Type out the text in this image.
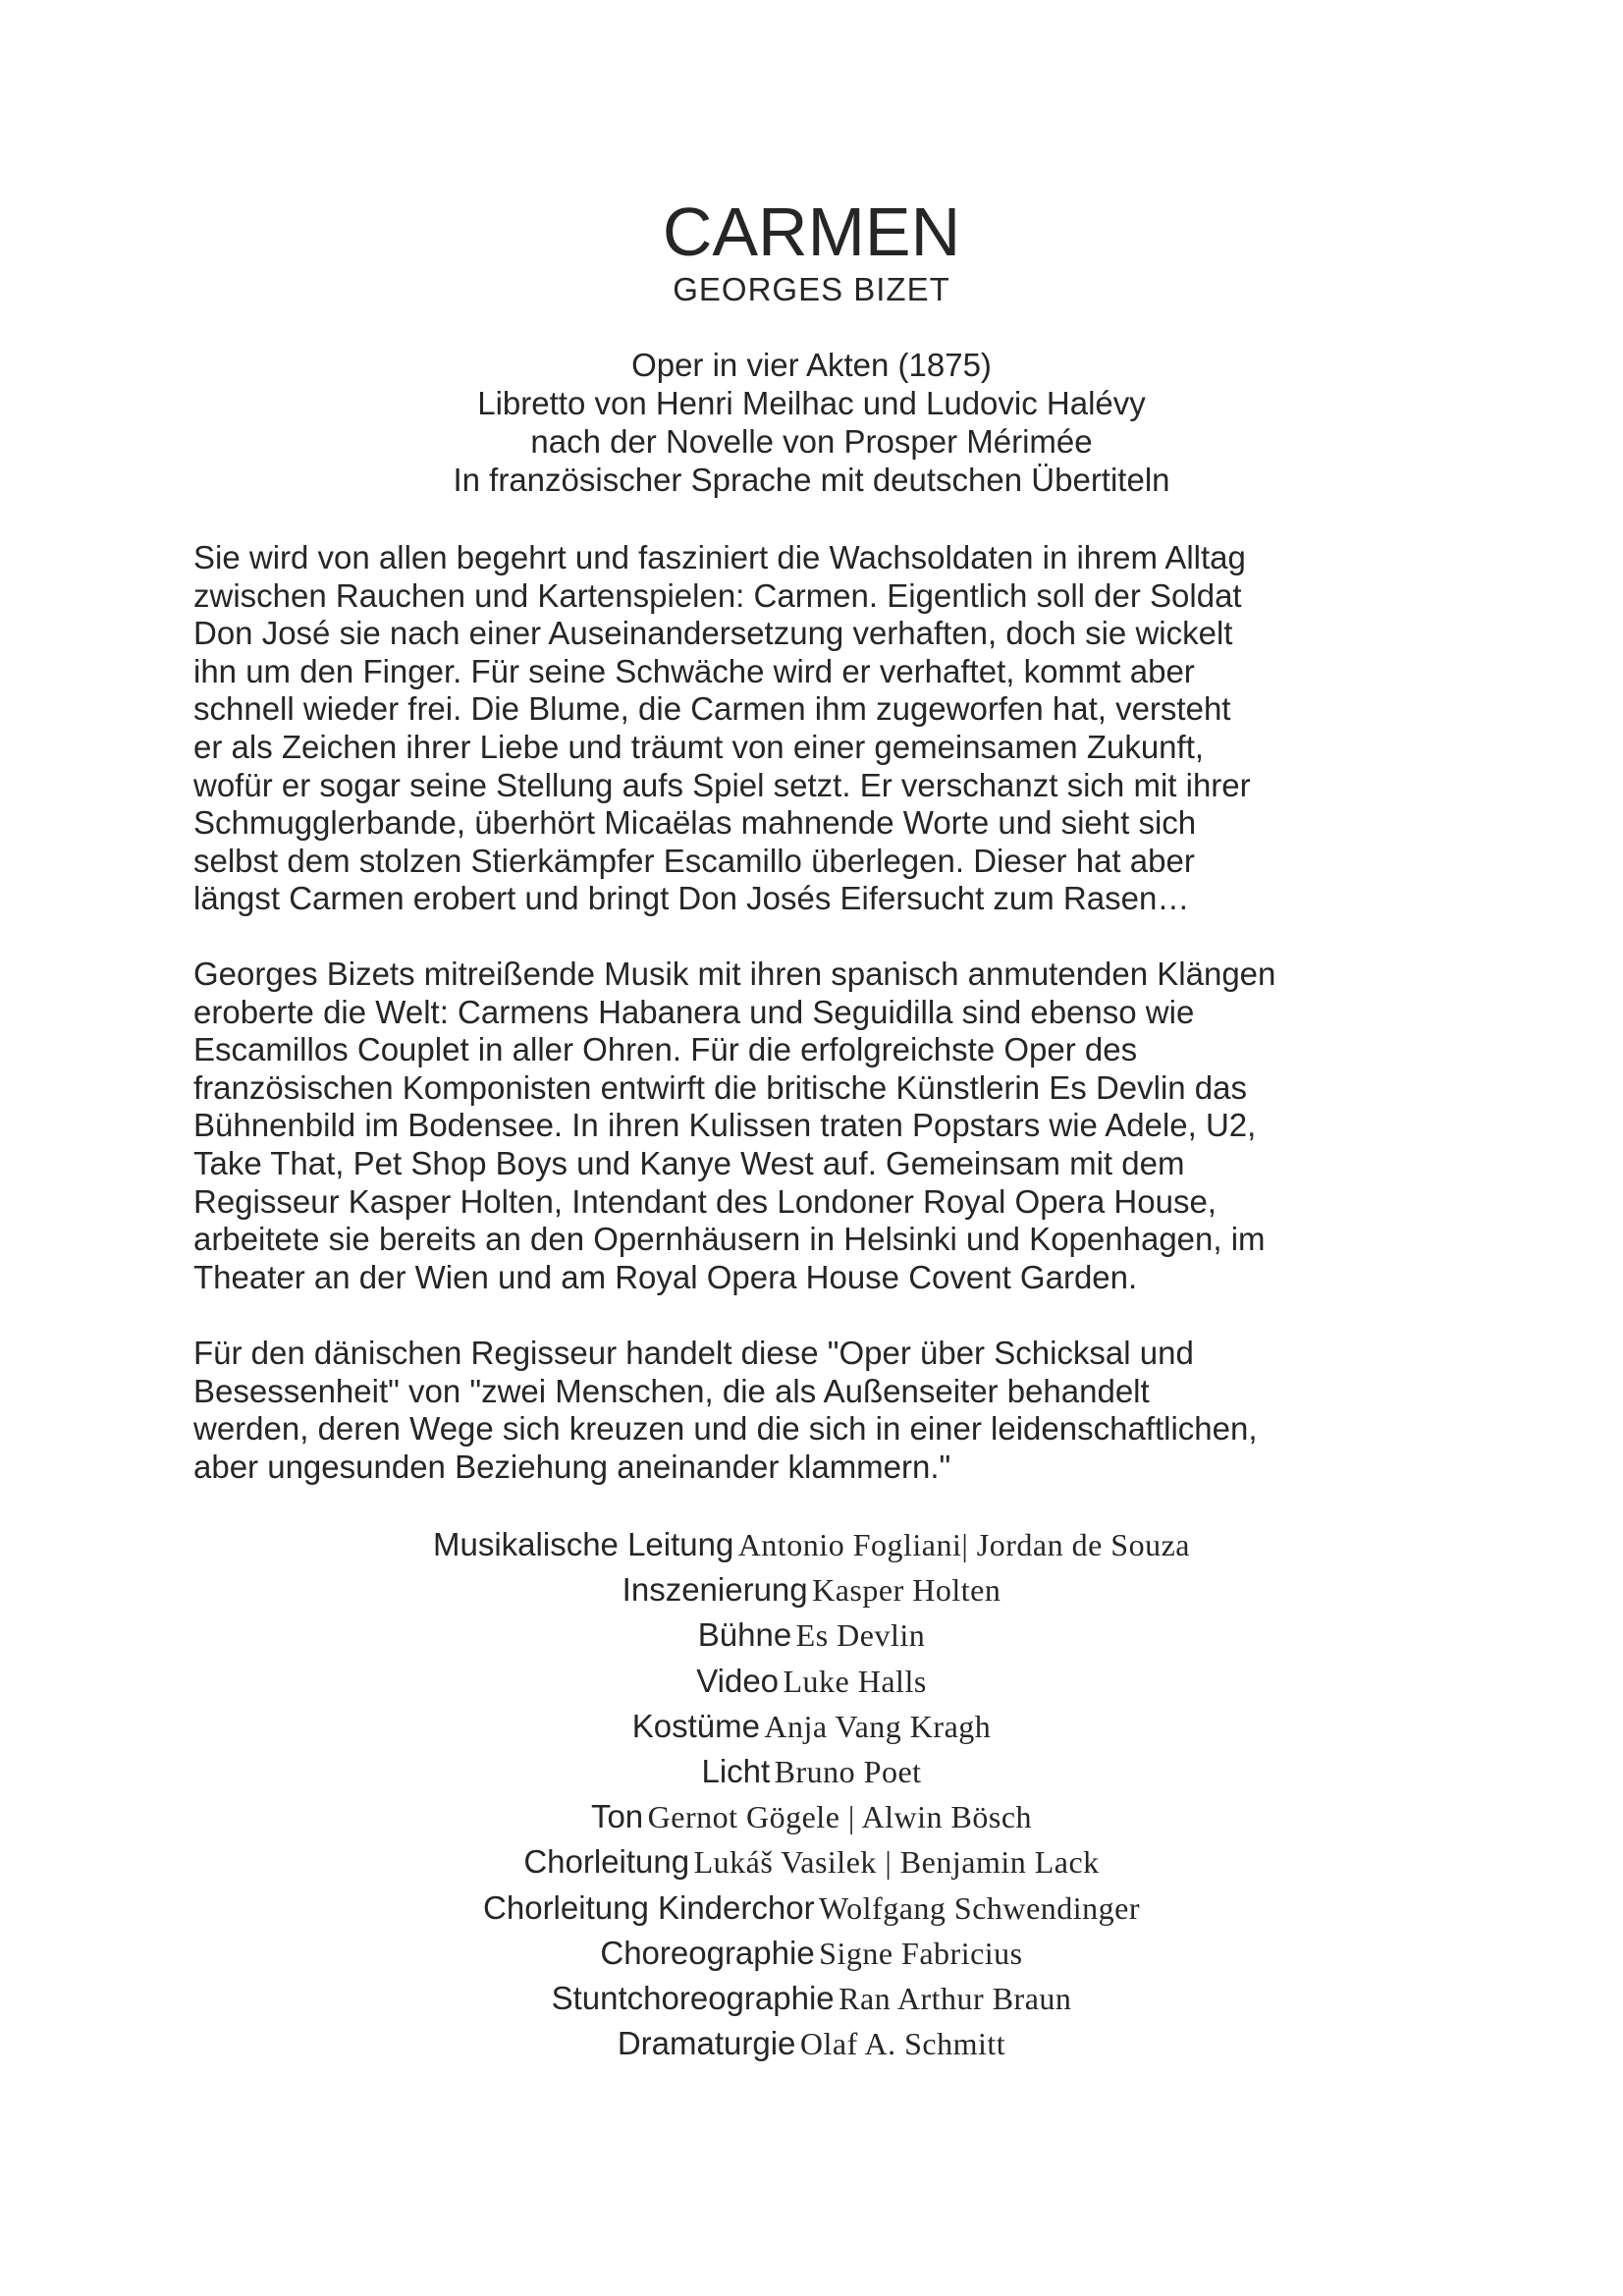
CARMEN
GEORGES BIZET
Oper in vier Akten (1875)
Libretto von Henri Meilhac und Ludovic Halévy
nach der Novelle von Prosper Mérimée
In französischer Sprache mit deutschen Übertiteln
Sie wird von allen begehrt und fasziniert die Wachsoldaten in ihrem Alltag
zwischen Rauchen und Kartenspielen: Carmen. Eigentlich soll der Soldat
Don José sie nach einer Auseinandersetzung verhaften, doch sie wickelt
ihn um den Finger. Für seine Schwäche wird er verhaftet, kommt aber
schnell wieder frei. Die Blume, die Carmen ihm zugeworfen hat, versteht
er als Zeichen ihrer Liebe und träumt von einer gemeinsamen Zukunft,
wofür er sogar seine Stellung aufs Spiel setzt. Er verschanzt sich mit ihrer
Schmugglerbande, überhört Micaëlas mahnende Worte und sieht sich
selbst dem stolzen Stierkämpfer Escamillo überlegen. Dieser hat aber
längst Carmen erobert und bringt Don Josés Eifersucht zum Rasen…
Georges Bizets mitreißende Musik mit ihren spanisch anmutenden Klängen
eroberte die Welt: Carmens Habanera und Seguidilla sind ebenso wie
Escamillos Couplet in aller Ohren. Für die erfolgreichste Oper des
französischen Komponisten entwirft die britische Künstlerin Es Devlin das
Bühnenbild im Bodensee. In ihren Kulissen traten Popstars wie Adele, U2,
Take That, Pet Shop Boys und Kanye West auf. Gemeinsam mit dem
Regisseur Kasper Holten, Intendant des Londoner Royal Opera House,
arbeitete sie bereits an den Opernhäusern in Helsinki und Kopenhagen, im
Theater an der Wien und am Royal Opera House Covent Garden.
Für den dänischen Regisseur handelt diese "Oper über Schicksal und
Besessenheit" von "zwei Menschen, die als Außenseiter behandelt
werden, deren Wege sich kreuzen und die sich in einer leidenschaftlichen,
aber ungesunden Beziehung aneinander klammern."
Musikalische Leitung Antonio Fogliani| Jordan de Souza
Inszenierung Kasper Holten
Bühne Es Devlin
Video Luke Halls
Kostüme Anja Vang Kragh
Licht Bruno Poet
Ton Gernot Gögele | Alwin Bösch
Chorleitung Lukáš Vasilek | Benjamin Lack
Chorleitung Kinderchor Wolfgang Schwendinger
Choreographie Signe Fabricius
Stuntchoreographie Ran Arthur Braun
Dramaturgie Olaf A. Schmitt
